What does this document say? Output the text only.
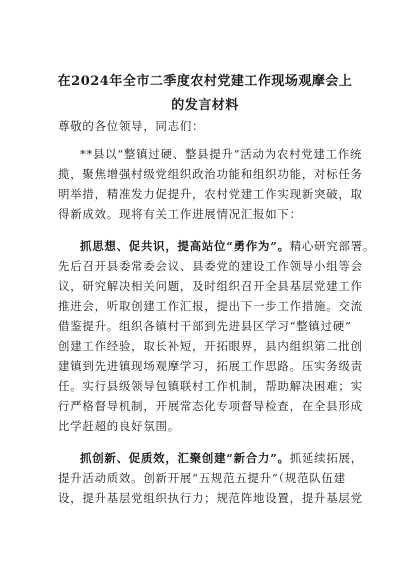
在2024年全市二季度农村党建工作现场观摩会上的发言材料
尊敬的各位领导，同志们：
**县以“整镇过硬、整县提升”活动为农村党建工作统
揽，聚焦增强村级党组织政治功能和组织功能，对标任务
明举措，精准发力促提升，农村党建工作实现新突破，取
得新成效。现将有关工作进展情况汇报如下：
抓思想、促共识，提高站位“勇作为”。精心研究部署。
先后召开县委常委会议、县委党的建设工作领导小组等会
议，研究解决相关问题，及时组织召开全县基层党建工作
推进会，听取创建工作汇报，提出下一步工作措施。交流
借鉴提升。组织各镇村干部到先进县区学习“整镇过硬”
创建工作经验，取长补短，开拓眼界，县内组织第二批创
建镇到先进镇现场观摩学习，拓展工作思路。压实务级责
任。实行县级领导包镇联村工作机制，帮助解决困难；实
行严格督导机制，开展常态化专项督导检查，在全县形成
比学赶超的良好氛围。
抓创新、促质效，汇聚创建“新合力”。抓延续拓展，
提升活动质效。创新开展“五规范五提升”（规范队伍建
设，提升基层党组织执行力；规范阵地设置，提升基层党
